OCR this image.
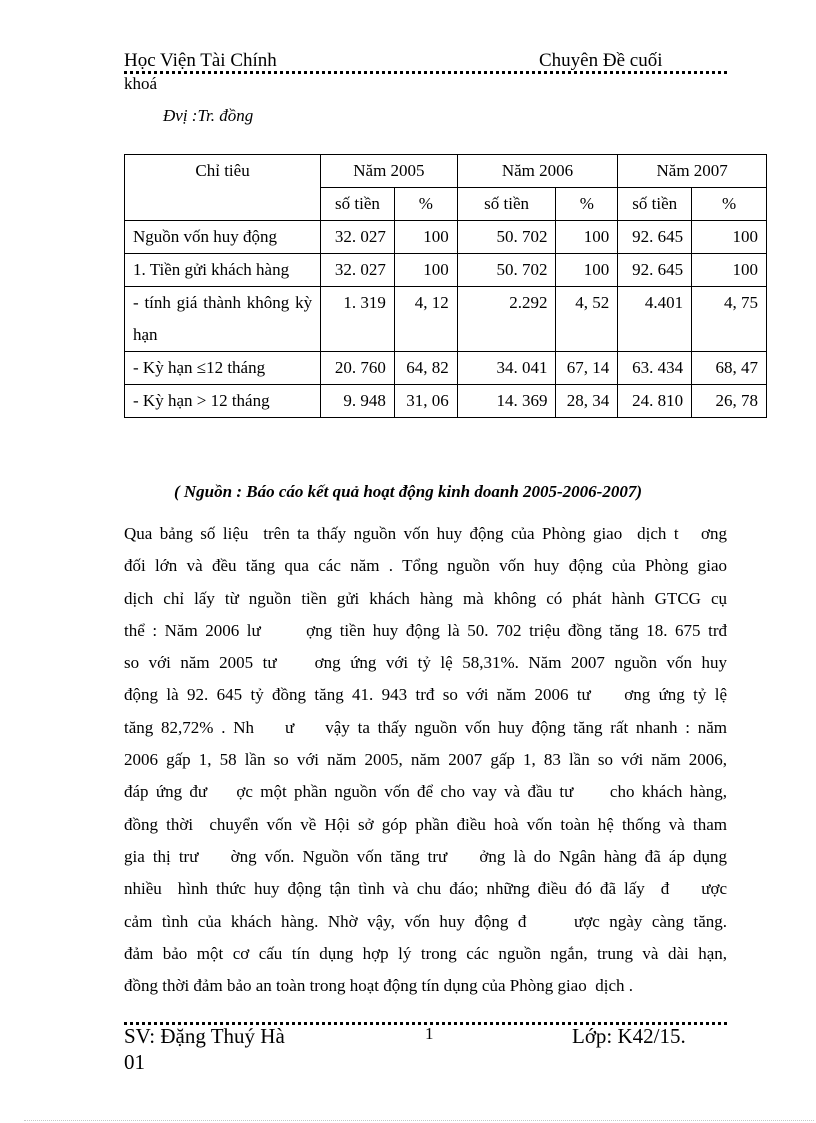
Học Viện Tài Chính	Chuyên Đề cuối
khoá
Đvị :Tr. đồng
Chỉ tiêu	Năm 2005		Năm 2006		Năm 2007	
	số tiền	%	số tiền	%	số tiền	%
Nguồn vốn huy động	32. 027	100	50. 702	100	92. 645	100
1. Tiền gửi khách hàng	32. 027	100	50. 702	100	92. 645	100
- tính giá thành không kỳ hạn	1. 319	4, 12	2.292	4, 52	4.401	4, 75
- Kỳ hạn ≤12 tháng	20. 760	64, 82	34. 041	67, 14	63. 434	68, 47
- Kỳ hạn > 12 tháng	9. 948	31, 06	14. 369	28, 34	24. 810	26, 78
( Nguồn : Báo cáo kết quả hoạt động kinh doanh 2005-2006-2007)
Qua bảng số liệu  trên ta thấy nguồn vốn huy động của Phòng giao  dịch t   ơng
đối lớn và đều tăng qua các năm . Tổng nguồn vốn huy động của Phòng giao
dịch chỉ lấy từ nguồn tiền gửi khách hàng mà không có phát hành GTCG cụ
thể : Năm 2006 lư      ợng tiền huy động là 50. 702 triệu đồng tăng 18. 675 trđ
so với năm 2005 tư    ơng ứng với tỷ lệ 58,31%. Năm 2007 nguồn vốn huy
động là 92. 645 tỷ đồng tăng 41. 943 trđ so với năm 2006 tư    ơng ứng tỷ lệ
tăng 82,72% . Nh    ư    vậy ta thấy nguồn vốn huy động tăng rất nhanh : năm
2006 gấp 1, 58 lần so với năm 2005, năm 2007 gấp 1, 83 lần so với năm 2006,
đáp ứng đư    ợc một phần nguồn vốn để cho vay và đầu tư     cho khách hàng,
đồng thời  chuyển vốn về Hội sở góp phần điều hoà vốn toàn hệ thống và tham
gia thị trư    ờng vốn. Nguồn vốn tăng trư    ởng là do Ngân hàng đã áp dụng
nhiều  hình thức huy động tận tình và chu đáo; những điều đó đã lấy  đ    ược
cảm tình của khách hàng. Nhờ vậy, vốn huy động đ     ược ngày càng tăng.
đảm bảo một cơ cấu tín dụng hợp lý trong các nguồn ngắn, trung và dài hạn,
đồng thời đảm bảo an toàn trong hoạt động tín dụng của Phòng giao  dịch .
SV: Đặng Thuý Hà	1	Lớp: K42/15.
01
